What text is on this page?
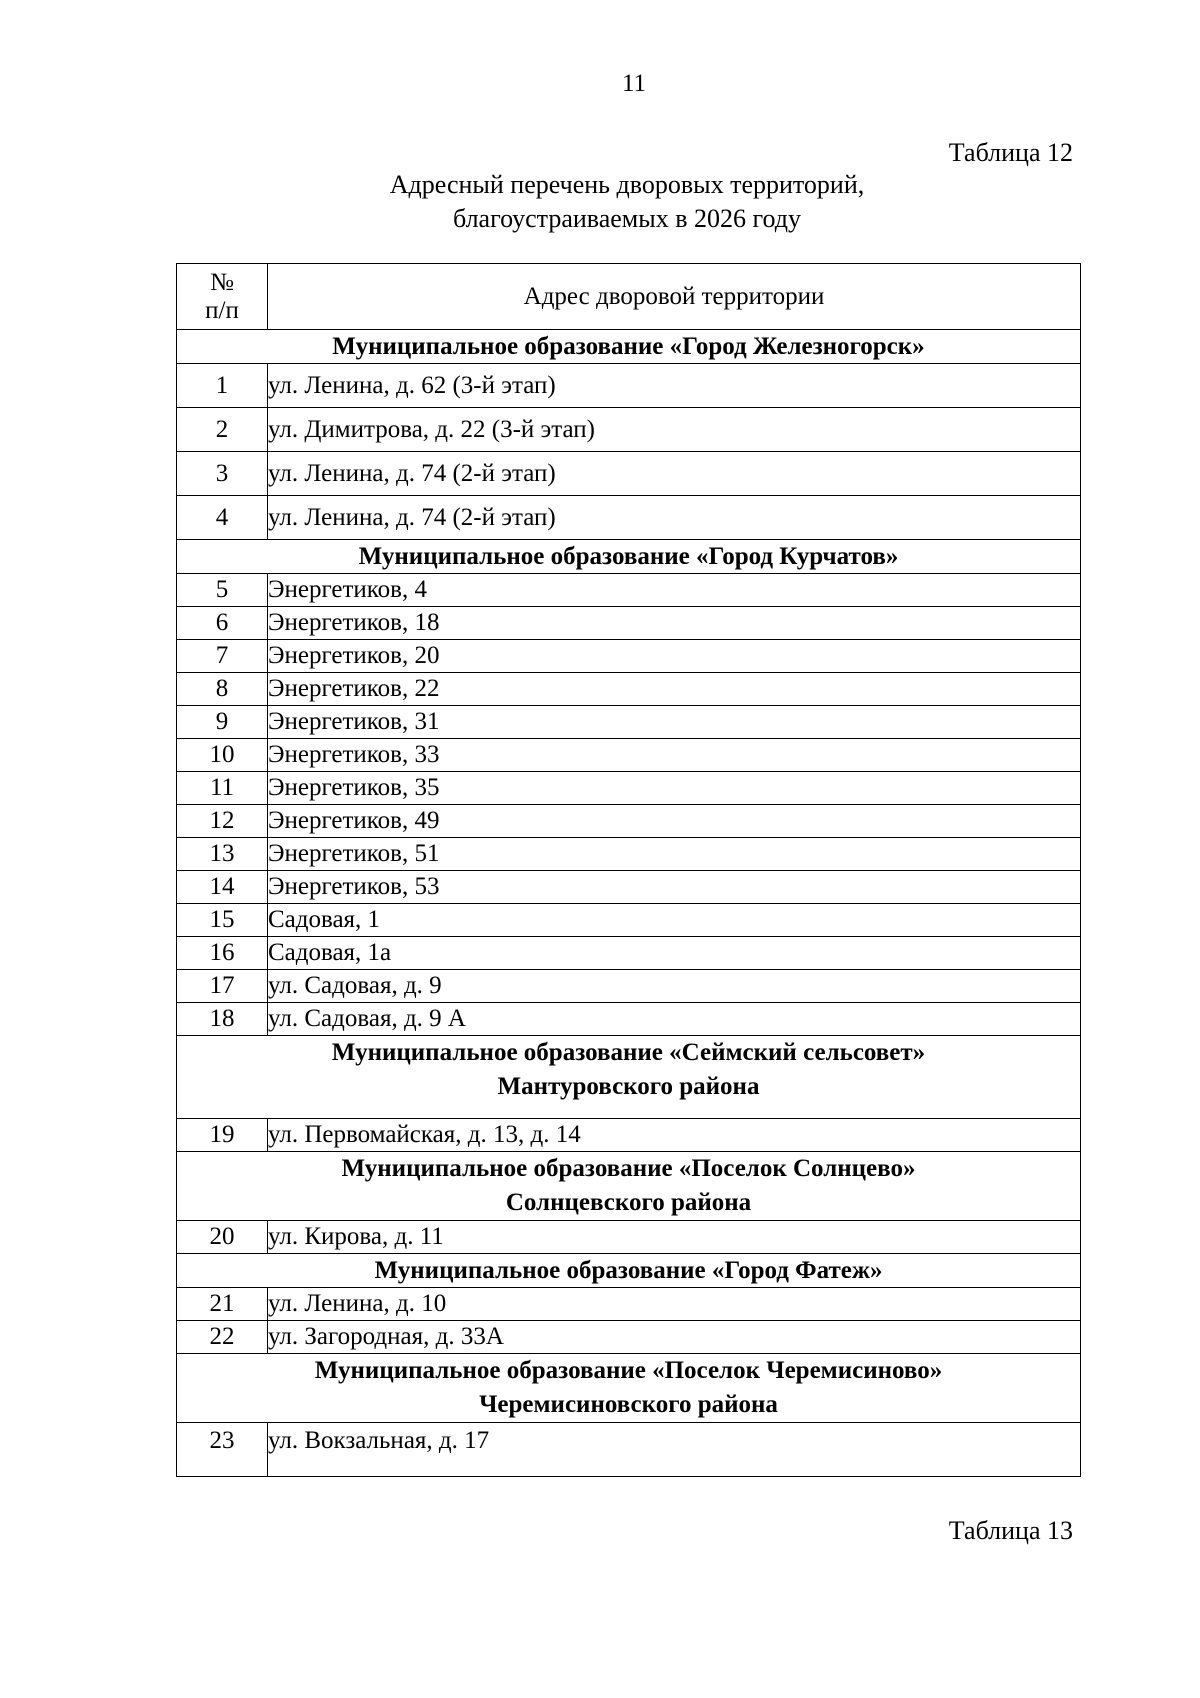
11
Таблица 12
Адресный перечень дворовых территорий,
благоустраиваемых в 2026 году
№
п/п	Адрес дворовой территории
Муниципальное образование «Город Железногорск»	
1	ул. Ленина, д. 62 (3-й этап)
2	ул. Димитрова, д. 22 (3-й этап)
3	ул. Ленина, д. 74 (2-й этап)
4	ул. Ленина, д. 74 (2-й этап)
Муниципальное образование «Город Курчатов»	
5	Энергетиков, 4
6	Энергетиков, 18
7	Энергетиков, 20
8	Энергетиков, 22
9	Энергетиков, 31
10	Энергетиков, 33
11	Энергетиков, 35
12	Энергетиков, 49
13	Энергетиков, 51
14	Энергетиков, 53
15	Садовая, 1
16	Садовая, 1а
17	ул. Садовая, д. 9
18	ул. Садовая, д. 9 А

Муниципальное образование «Сеймский сельсовет»
Мантуровского района	

19	ул. Первомайская, д. 13, д. 14

Муниципальное образование «Поселок Солнцево»
Солнцевского района	

20	ул. Кирова, д. 11
Муниципальное образование «Город Фатеж»	
21	ул. Ленина, д. 10
22	ул. Загородная, д. 33А

Муниципальное образование «Поселок Черемисиново»
Черемисиновского района	

23	ул. Вокзальная, д. 17
Таблица 13
